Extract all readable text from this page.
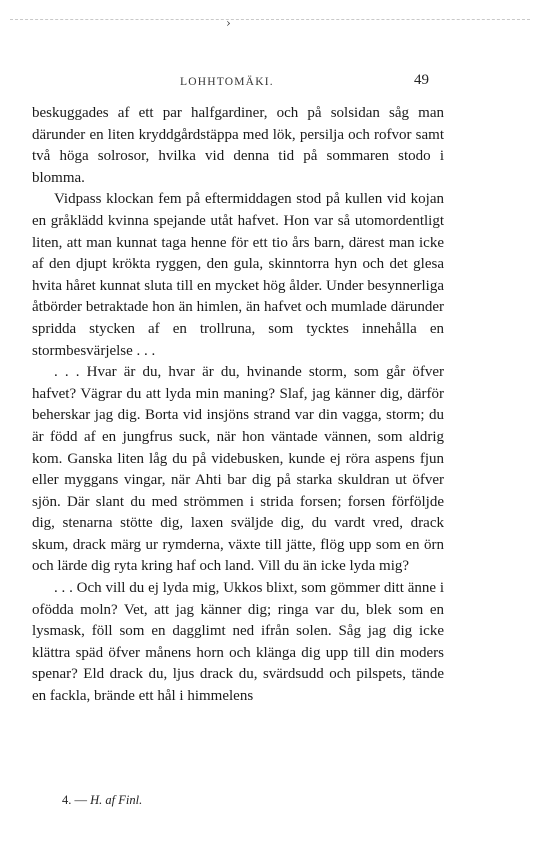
›
LOHHTOMÄKI.	49

beskuggades af ett par halfgardiner, och på solsidan såg man därunder en liten kryddgårdstäppa med lök, persilja och rofvor samt två höga solrosor, hvilka vid denna tid på sommaren stodo i blomma.

Vidpass klockan fem på eftermiddagen stod på kullen vid kojan en gråklädd kvinna spejande utåt hafvet. Hon var så utomordentligt liten, att man kunnat taga henne för ett tio års barn, därest man icke af den djupt krökta ryggen, den gula, skinntorra hyn och det glesa hvita håret kunnat sluta till en mycket hög ålder. Under besynnerliga åtbörder betraktade hon än himlen, än hafvet och mumlade därunder spridda stycken af en trollruna, som tycktes innehålla en stormbesvärjelse . . .

. . . Hvar är du, hvar är du, hvinande storm, som går öfver hafvet? Vägrar du att lyda min maning? Slaf, jag känner dig, därför beherskar jag dig. Borta vid insjöns strand var din vagga, storm; du är född af en jungfrus suck, när hon väntade vännen, som aldrig kom. Ganska liten låg du på videbusken, kunde ej röra aspens fjun eller myggans vingar, när Ahti bar dig på starka skuldran ut öfver sjön. Där slant du med strömmen i strida forsen; forsen förföljde dig, stenarna stötte dig, laxen sväljde dig, du vardt vred, drack skum, drack märg ur rymderna, växte till jätte, flög upp som en örn och lärde dig ryta kring haf och land. Vill du än icke lyda mig?

. . . Och vill du ej lyda mig, Ukkos blixt, som gömmer ditt änne i oföddа moln? Vet, att jag känner dig; ringa var du, blek som en lysmask, föll som en dagglimt ned ifrån solen. Såg jag dig icke klättra späd öfver månens horn och klänga dig upp till din moders spenar? Eld drack du, ljus drack du, svärdsudd och pilspets, tände en fackla, brände ett hål i himmelens

4. — H. af Finl.
